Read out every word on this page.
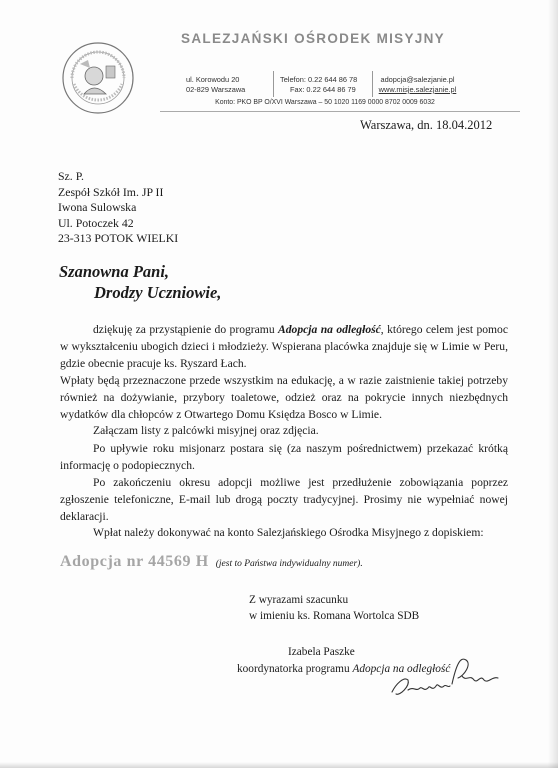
SALEZJAŃSKI OŚRODEK MISYJNY
ul. Korowodu 20
02-829 Warszawa
Telefon: 0.22 644 86 78
Fax: 0.22 644 86 79
adopcja@salezjanie.pl
www.misje.salezjanie.pl
Konto: PKO BP O/XVI Warszawa – 50 1020 1169 0000 8702 0009 6032
Warszawa, dn. 18.04.2012
Sz. P.
Zespół Szkół Im. JP II
Iwona Sulowska
Ul. Potoczek 42
23-313 POTOK WIELKI
Szanowna Pani,
Drodzy Uczniowie,
dziękuję za przystąpienie do programu Adopcja na odległość, którego celem jest pomoc w wykształceniu ubogich dzieci i młodzieży. Wspierana placówka znajduje się w Limie w Peru, gdzie obecnie pracuje ks. Ryszard Łach.
Wpłaty będą przeznaczone przede wszystkim na edukację, a w razie zaistnienie takiej potrzeby również na dożywianie, przybory toaletowe, odzież oraz na pokrycie innych niezbędnych wydatków dla chłopców z Otwartego Domu Księdza Bosco w Limie.
Załączam listy z palcówki misyjnej oraz zdjęcia.
Po upływie roku misjonarz postara się (za naszym pośrednictwem) przekazać krótką informację o podopiecznych.
Po zakończeniu okresu adopcji możliwe jest przedłużenie zobowiązania poprzez zgłoszenie telefoniczne, E-mail lub drogą poczty tradycyjnej. Prosimy nie wypełniać nowej deklaracji.
Wpłat należy dokonywać na konto Salezjańskiego Ośrodka Misyjnego z dopiskiem:
Adopcja nr 44569 H (jest to Państwa indywidualny numer).
Z wyrazami szacunku
w imieniu ks. Romana Wortolca SDB
Izabela Paszke
koordynatorka programu Adopcja na odległość
